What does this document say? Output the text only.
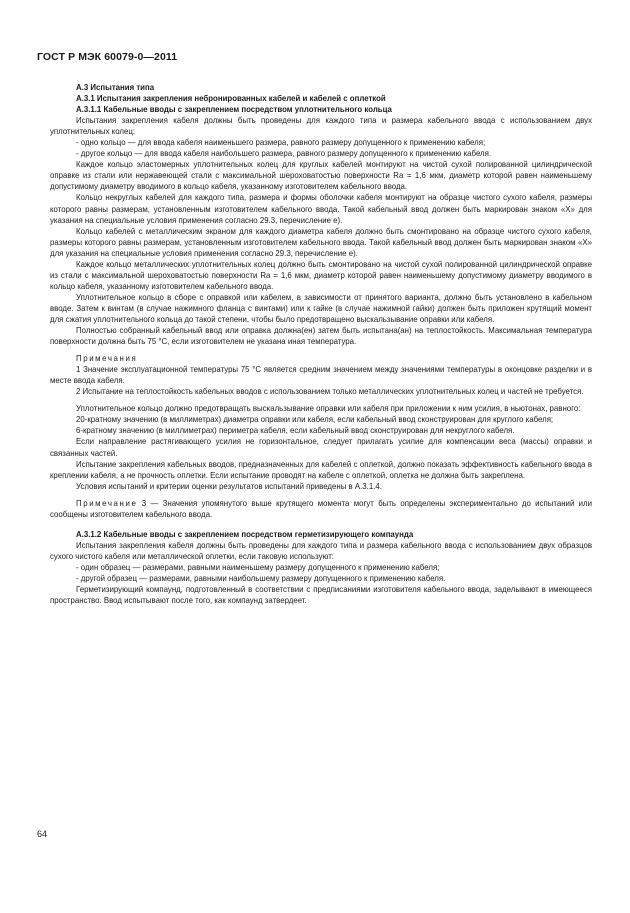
ГОСТ Р МЭК 60079-0—2011

А.3 Испытания типа

А.3.1 Испытания закрепления небронированных кабелей и кабелей с оплеткой

А.3.1.1 Кабельные вводы с закреплением посредством уплотнительного кольца

Испытания закрепления кабеля должны быть проведены для каждого типа и размера кабельного ввода с использованием двух уплотнительных колец:

- одно кольцо — для ввода кабеля наименьшего размера, равного размеру допущенного к применению кабеля;

- другое кольцо — для ввода кабеля наибольшего размера, равного размеру допущенного к применению кабеля.

Каждое кольцо эластомерных уплотнительных колец для круглых кабелей монтируют на чистой сухой полированной цилиндрической оправке из стали или нержавеющей стали с максимальной шероховатостью поверхности Ra = 1,6 мкм, диаметр которой равен наименьшему допустимому диаметру вводимого в кольцо кабеля, указанному изготовителем кабельного ввода.

Кольцо некруглых кабелей для каждого типа, размера и формы оболочки кабеля монтируют на образце чистого сухого кабеля, размеры которого равны размерам, установленным изготовителем кабельного ввода. Такой кабельный ввод должен быть маркирован знаком «X» для указания на специальные условия применения согласно 29.3, перечисление е).

Кольцо кабелей с металлическим экраном для каждого диаметра кабеля должно быть смонтировано на образце чистого сухого кабеля, размеры которого равны размерам, установленным изготовителем кабельного ввода. Такой кабельный ввод должен быть маркирован знаком «X» для указания на специальные условия применения согласно 29.3, перечисление е).

Каждое кольцо металлических уплотнительных колец должно быть смонтировано на чистой сухой полированной цилиндрической оправке из стали с максимальной шероховатостью поверхности Ra = 1,6 мкм, диаметр которой равен наименьшему допустимому диаметру вводимого в кольцо кабеля, указанному изготовителем кабельного ввода.

Уплотнительное кольцо в сборе с оправкой или кабелем, в зависимости от принятого варианта, должно быть установлено в кабельном вводе. Затем к винтам (в случае нажимного фланца с винтами) или к гайке (в случае нажимной гайки) должен быть приложен крутящий момент для сжатия уплотнительного кольца до такой степени, чтобы было предотвращено выскальзывание оправки или кабеля.

Полностью собранный кабельный ввод или оправка должна(ен) затем быть испытана(ан) на теплостойкость. Максимальная температура поверхности должна быть 75 °С, если изготовителем не указана иная температура.

Примечания

1 Значение эксплуатационной температуры 75 °С является средним значением между значениями температуры в оконцовке разделки и в месте ввода кабеля.

2 Испытание на теплостойкость кабельных вводов с использованием только металлических уплотнительных колец и частей не требуется.

Уплотнительное кольцо должно предотвращать выскальзывание оправки или кабеля при приложении к ним усилия, в ньютонах, равного:

20-кратному значению (в миллиметрах) диаметра оправки или кабеля, если кабельный ввод сконструирован для круглого кабеля;

6-кратному значению (в миллиметрах) периметра кабеля, если кабельный ввод сконструирован для некруглого кабеля.

Если направление растягивающего усилия не горизонтальное, следует прилагать усилие для компенсации веса (массы) оправки и связанных частей.

Испытание закрепления кабельных вводов, предназначенных для кабелей с оплеткой, должно показать эффективность кабельного ввода в креплении кабеля, а не прочность оплетки. Если испытание проводят на кабеле с оплеткой, оплетка не должна быть закреплена.

Условия испытаний и критерии оценки результатов испытаний приведены в А.3.1.4.

Примечание 3 — Значения упомянутого выше крутящего момента могут быть определены экспериментально до испытаний или сообщены изготовителем кабельного ввода.

А.3.1.2 Кабельные вводы с закреплением посредством герметизирующего компаунда

Испытания закрепления кабеля должны быть проведены для каждого типа и размера кабельного ввода с использованием двух образцов сухого чистого кабеля или металлической оплетки, если таковую используют:

- один образец — размерами, равными наименьшему размеру допущенного к применению кабеля;

- другой образец — размерами, равными наибольшему размеру допущенного к применению кабеля.

Герметизирующий компаунд, подготовленный в соответствии с предписаниями изготовителя кабельного ввода, заделывают в имеющееся пространство. Ввод испытывают после того, как компаунд затвердеет.

64
